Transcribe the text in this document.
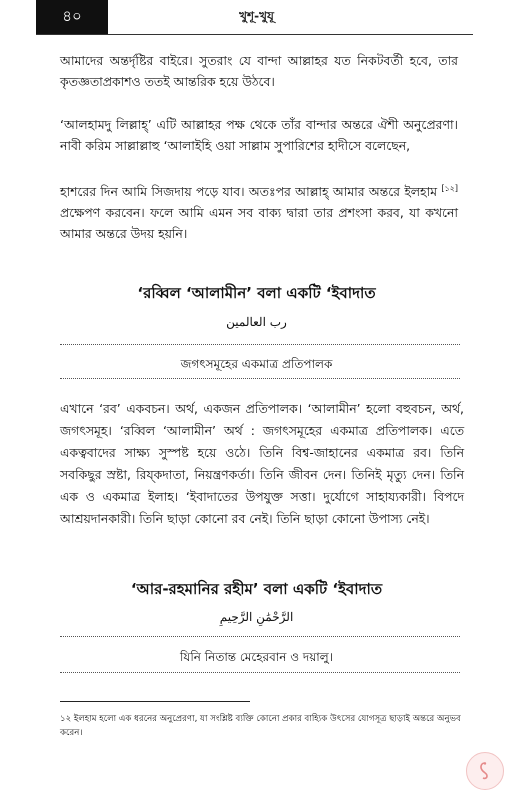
৪০	খুশূ-খুযূ

আমাদের অন্তর্দৃষ্টির বাইরে। সুতরাং যে বান্দা আল্লাহর যত নিকটবর্তী হবে, তার কৃতজ্ঞতাপ্রকাশও ততই আন্তরিক হয়ে উঠবে।

‘আলহামদু লিল্লাহ্’ এটি আল্লাহর পক্ষ থেকে তাঁর বান্দার অন্তরে ঐশী অনুপ্রেরণা। নাবী করিম সাল্লাল্লাহু ‘আলাইহি ওয়া সাল্লাম সুপারিশের হাদীসে বলেছেন,

হাশরের দিন আমি সিজদায় পড়ে যাব। অতঃপর আল্লাহ্ আমার অন্তরে ইলহাম [১২] প্রক্ষেপণ করবেন। ফলে আমি এমন সব বাক্য দ্বারা তার প্রশংসা করব, যা কখনো আমার অন্তরে উদয় হয়নি।

‘রব্বিল ‘আলামীন’ বলা একটি ‘ইবাদাত
رب العالمين
জগৎসমূহের একমাত্র প্রতিপালক

এখানে ‘রব’ একবচন। অর্থ, একজন প্রতিপালক। ‘আলামীন’ হলো বহুবচন, অর্থ, জগৎসমূহ। ‘রব্বিল ‘আলামীন’ অর্থ : জগৎসমূহের একমাত্র প্রতিপালক। এতে একত্ববাদের সাক্ষ্য সুস্পষ্ট হয়ে ওঠে। তিনি বিশ্ব-জাহানের একমাত্র রব। তিনি সবকিছুর স্রষ্টা, রিয্‌কদাতা, নিয়ন্ত্রণকর্তা। তিনি জীবন দেন। তিনিই মৃত্যু দেন। তিনি এক ও একমাত্র ইলাহ। ‘ইবাদাতের উপযুক্ত সত্তা। দুর্যোগে সাহায্যকারী। বিপদে আশ্রয়দানকারী। তিনি ছাড়া কোনো রব নেই। তিনি ছাড়া কোনো উপাস্য নেই।

‘আর-রহমানির রহীম’ বলা একটি ‘ইবাদাত
الرَّحْمَٰنِ الرَّحِيمِ
যিনি নিতান্ত মেহেরবান ও দয়ালু।

১২ ইলহাম হলো এক ধরনের অনুপ্রেরণা, যা সংশ্লিষ্ট ব্যক্তি কোনো প্রকার বাহ্যিক উৎসের যোগসূত্র ছাড়াই অন্তরে অনুভব করেন।
